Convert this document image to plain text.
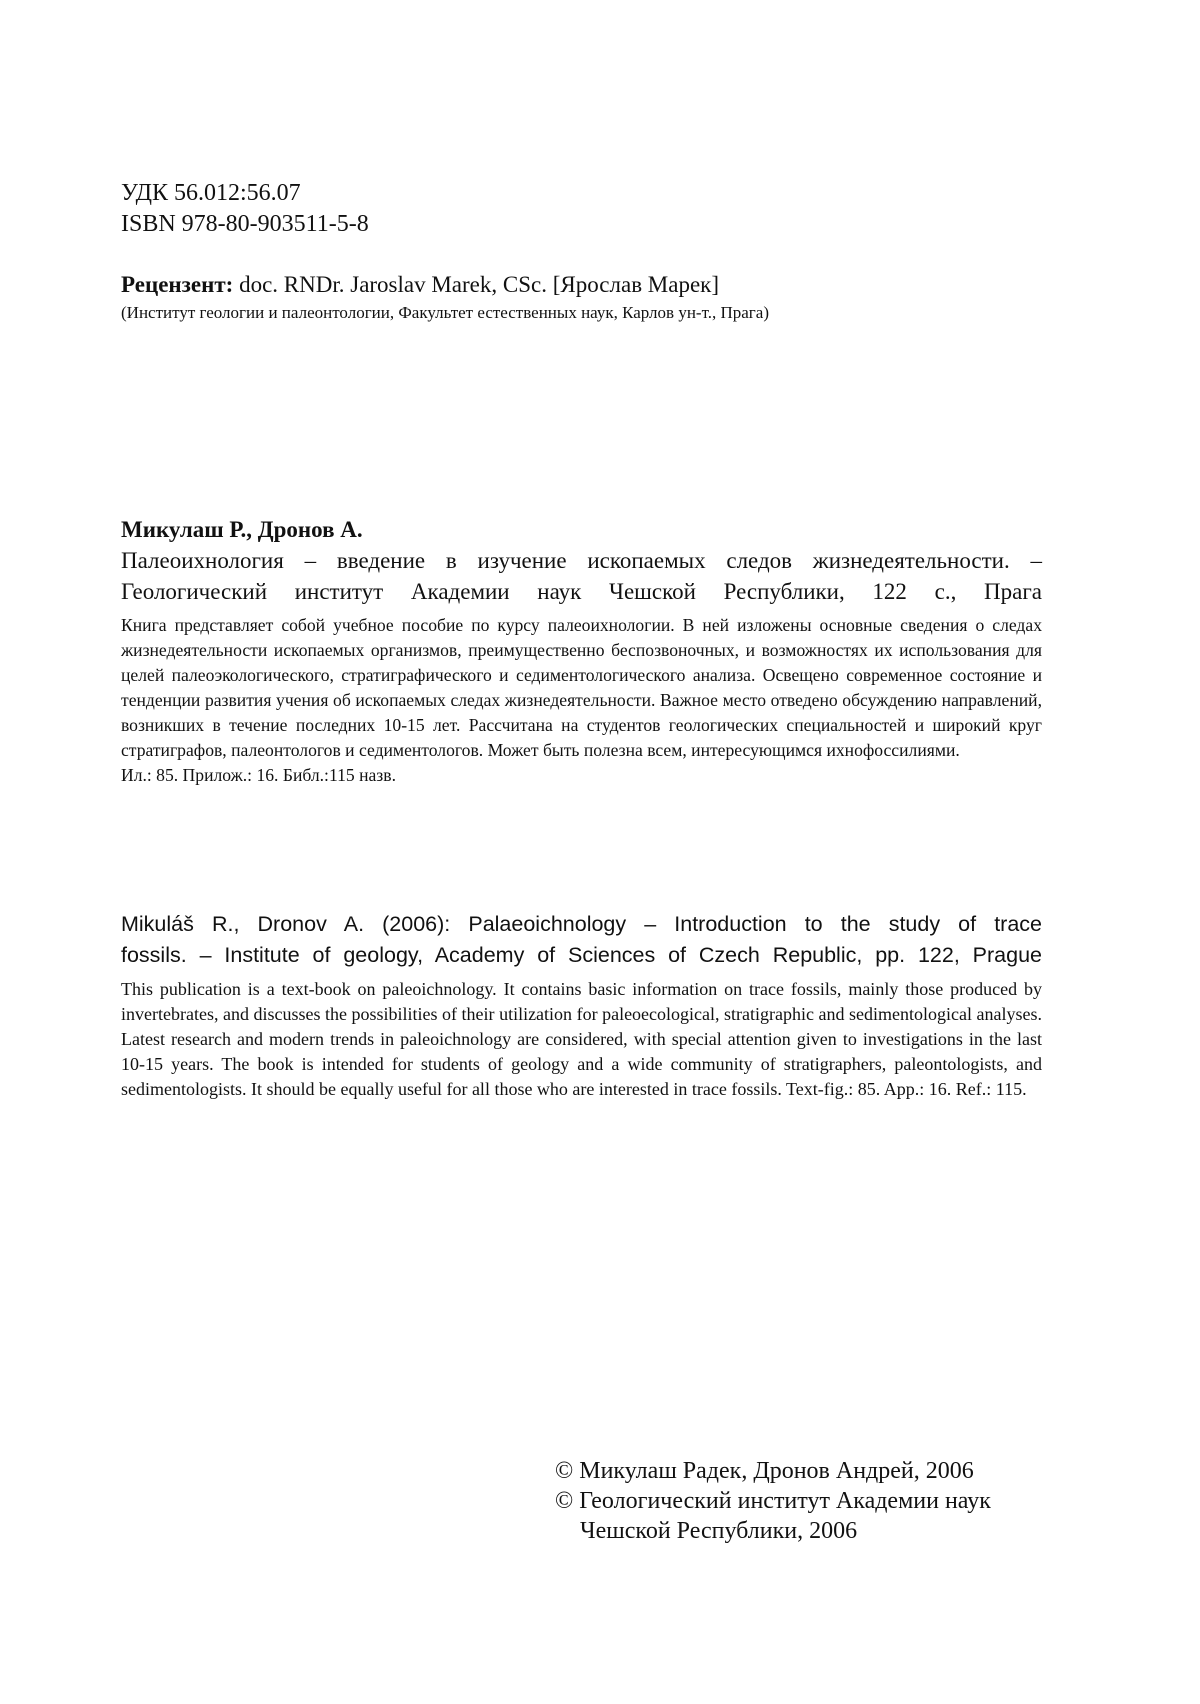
УДК 56.012:56.07
ISBN 978-80-903511-5-8
Рецензент: doc. RNDr. Jaroslav Marek, CSc. [Ярослав Марек]
(Институт геологии и палеонтологии, Факультет естественных наук, Карлов ун-т., Прага)
Микулаш Р., Дронов А.
Палеоихнология – введение в изучение ископаемых следов жизнедеятельности. –
Геологический институт Академии наук Чешской Республики, 122 с., Прага
Книга представляет собой учебное пособие по курсу палеоихнологии. В ней изложены основные сведения о следах жизнедеятельности ископаемых организмов, преимущественно беспозвоночных, и возможностях их использования для целей палеоэкологического, стратиграфического и седиментологического анализа. Освещено современное состояние и тенденции развития учения об ископаемых следах жизнедеятельности. Важное место отведено обсуждению направлений, возникших в течение последних 10-15 лет. Рассчитана на студентов геологических специальностей и широкий круг стратиграфов, палеонтологов и седиментологов. Может быть полезна всем, интересующимся ихнофоссилиями.
Ил.: 85. Прилож.: 16. Библ.:115 назв.
Mikuláš R., Dronov A. (2006): Palaeoichnology – Introduction to the study of trace
fossils. – Institute of geology, Academy of Sciences of Czech Republic, pp. 122, Prague
This publication is a text-book on paleoichnology. It contains basic information on trace fossils, mainly those produced by invertebrates, and discusses the possibilities of their utilization for paleoecological, stratigraphic and sedimentological analyses. Latest research and modern trends in paleoichnology are considered, with special attention given to investigations in the last 10-15 years. The book is intended for students of geology and a wide community of stratigraphers, paleontologists, and sedimentologists. It should be equally useful for all those who are interested in trace fossils. Text-fig.: 85. App.: 16. Ref.: 115.
© Микулаш Радек, Дронов Андрей, 2006
© Геологический институт Академии наук
Чешской Республики, 2006
